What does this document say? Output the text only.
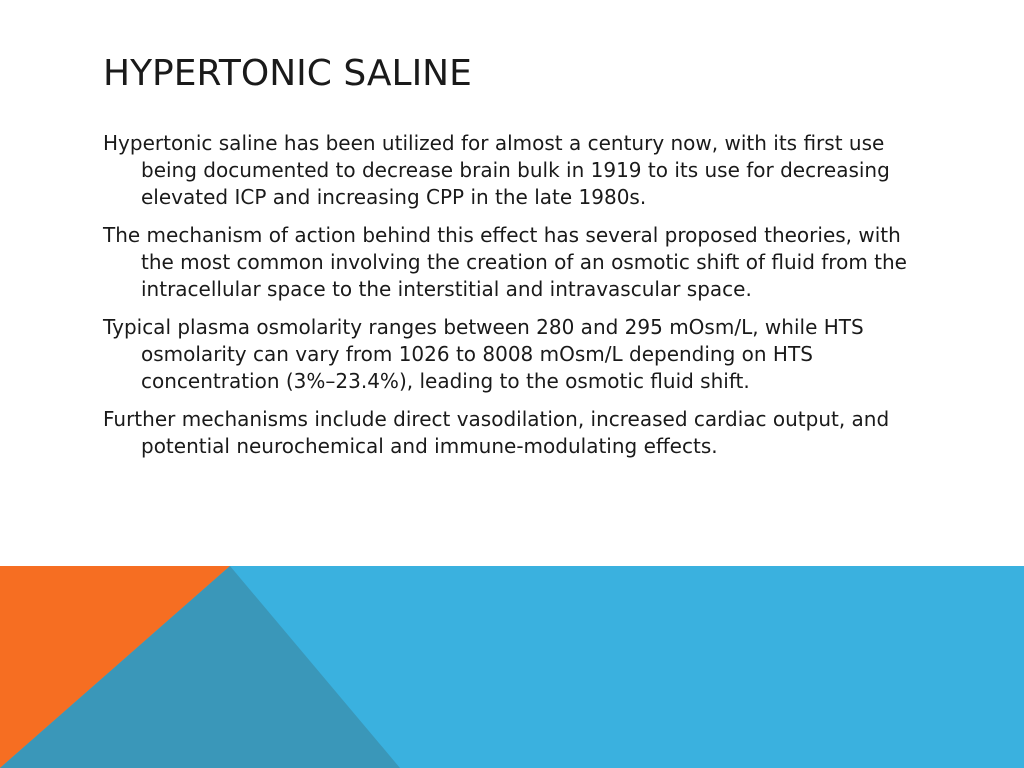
HYPERTONIC SALINE
Hypertonic saline has been utilized for almost a century now, with its first use being documented to decrease brain bulk in 1919 to its use for decreasing elevated ICP and increasing CPP in the late 1980s.
The mechanism of action behind this effect has several proposed theories, with the most common involving the creation of an osmotic shift of fluid from the intracellular space to the interstitial and intravascular space.
Typical plasma osmolarity ranges between 280 and 295 mOsm/L, while HTS osmolarity can vary from 1026 to 8008 mOsm/L depending on HTS concentration (3%–23.4%), leading to the osmotic fluid shift.
Further mechanisms include direct vasodilation, increased cardiac output, and potential neurochemical and immune-modulating effects.
